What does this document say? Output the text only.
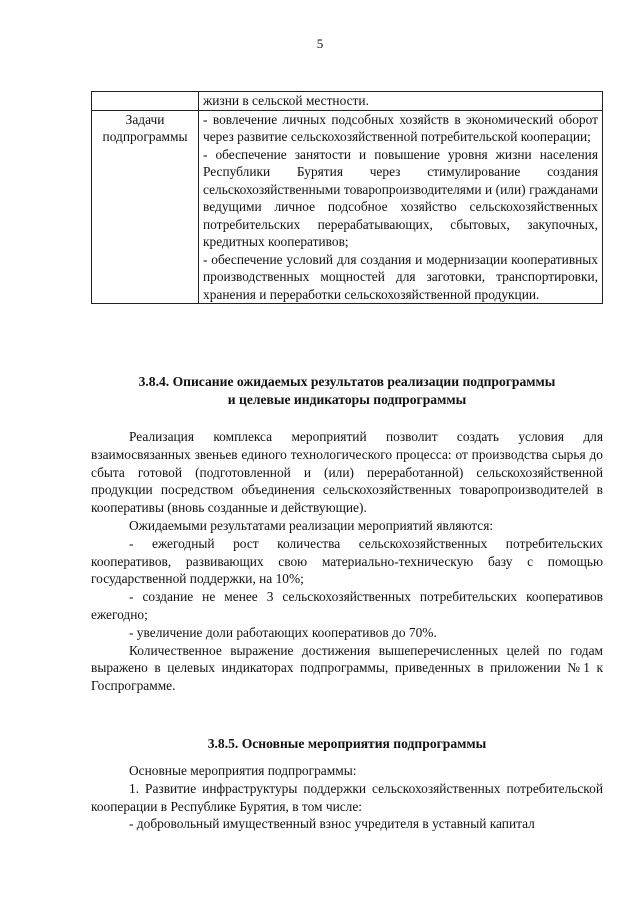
5
	жизни в сельской местности.
Задачи подпрограммы	- вовлечение личных подсобных хозяйств в экономический оборот через развитие сельскохозяйственной потребительской кооперации;
- обеспечение занятости и повышение уровня жизни населения Республики Бурятия через стимулирование создания сельскохозяйственными товаропроизводителями и (или) гражданами ведущими личное подсобное хозяйство сельскохозяйственных потребительских перерабатывающих, сбытовых, закупочных, кредитных кооперативов;
- обеспечение условий для создания и модернизации кооперативных производственных мощностей для заготовки, транспортировки, хранения и переработки сельскохозяйственной продукции.
3.8.4. Описание ожидаемых результатов реализации подпрограммы
и целевые индикаторы подпрограммы

Реализация комплекса мероприятий позволит создать условия для взаимосвязанных звеньев единого технологического процесса: от производства сырья до сбыта готовой (подготовленной и (или) переработанной) сельскохозяйственной продукции посредством объединения сельскохозяйственных товаропроизводителей в кооперативы (вновь созданные и действующие).

Ожидаемыми результатами реализации мероприятий являются:

- ежегодный рост количества сельскохозяйственных потребительских кооперативов, развивающих свою материально-техническую базу с помощью государственной поддержки, на 10%;

- создание не менее 3 сельскохозяйственных потребительских кооперативов ежегодно;

- увеличение доли работающих кооперативов до 70%.

Количественное выражение достижения вышеперечисленных целей по годам выражено в целевых индикаторах подпрограммы, приведенных в приложении №1 к Госпрограмме.

3.8.5. Основные мероприятия подпрограммы

Основные мероприятия подпрограммы:

1. Развитие инфраструктуры поддержки сельскохозяйственных потребительской кооперации в Республике Бурятия, в том числе:

- добровольный имущественный взнос учредителя в уставный капитал
